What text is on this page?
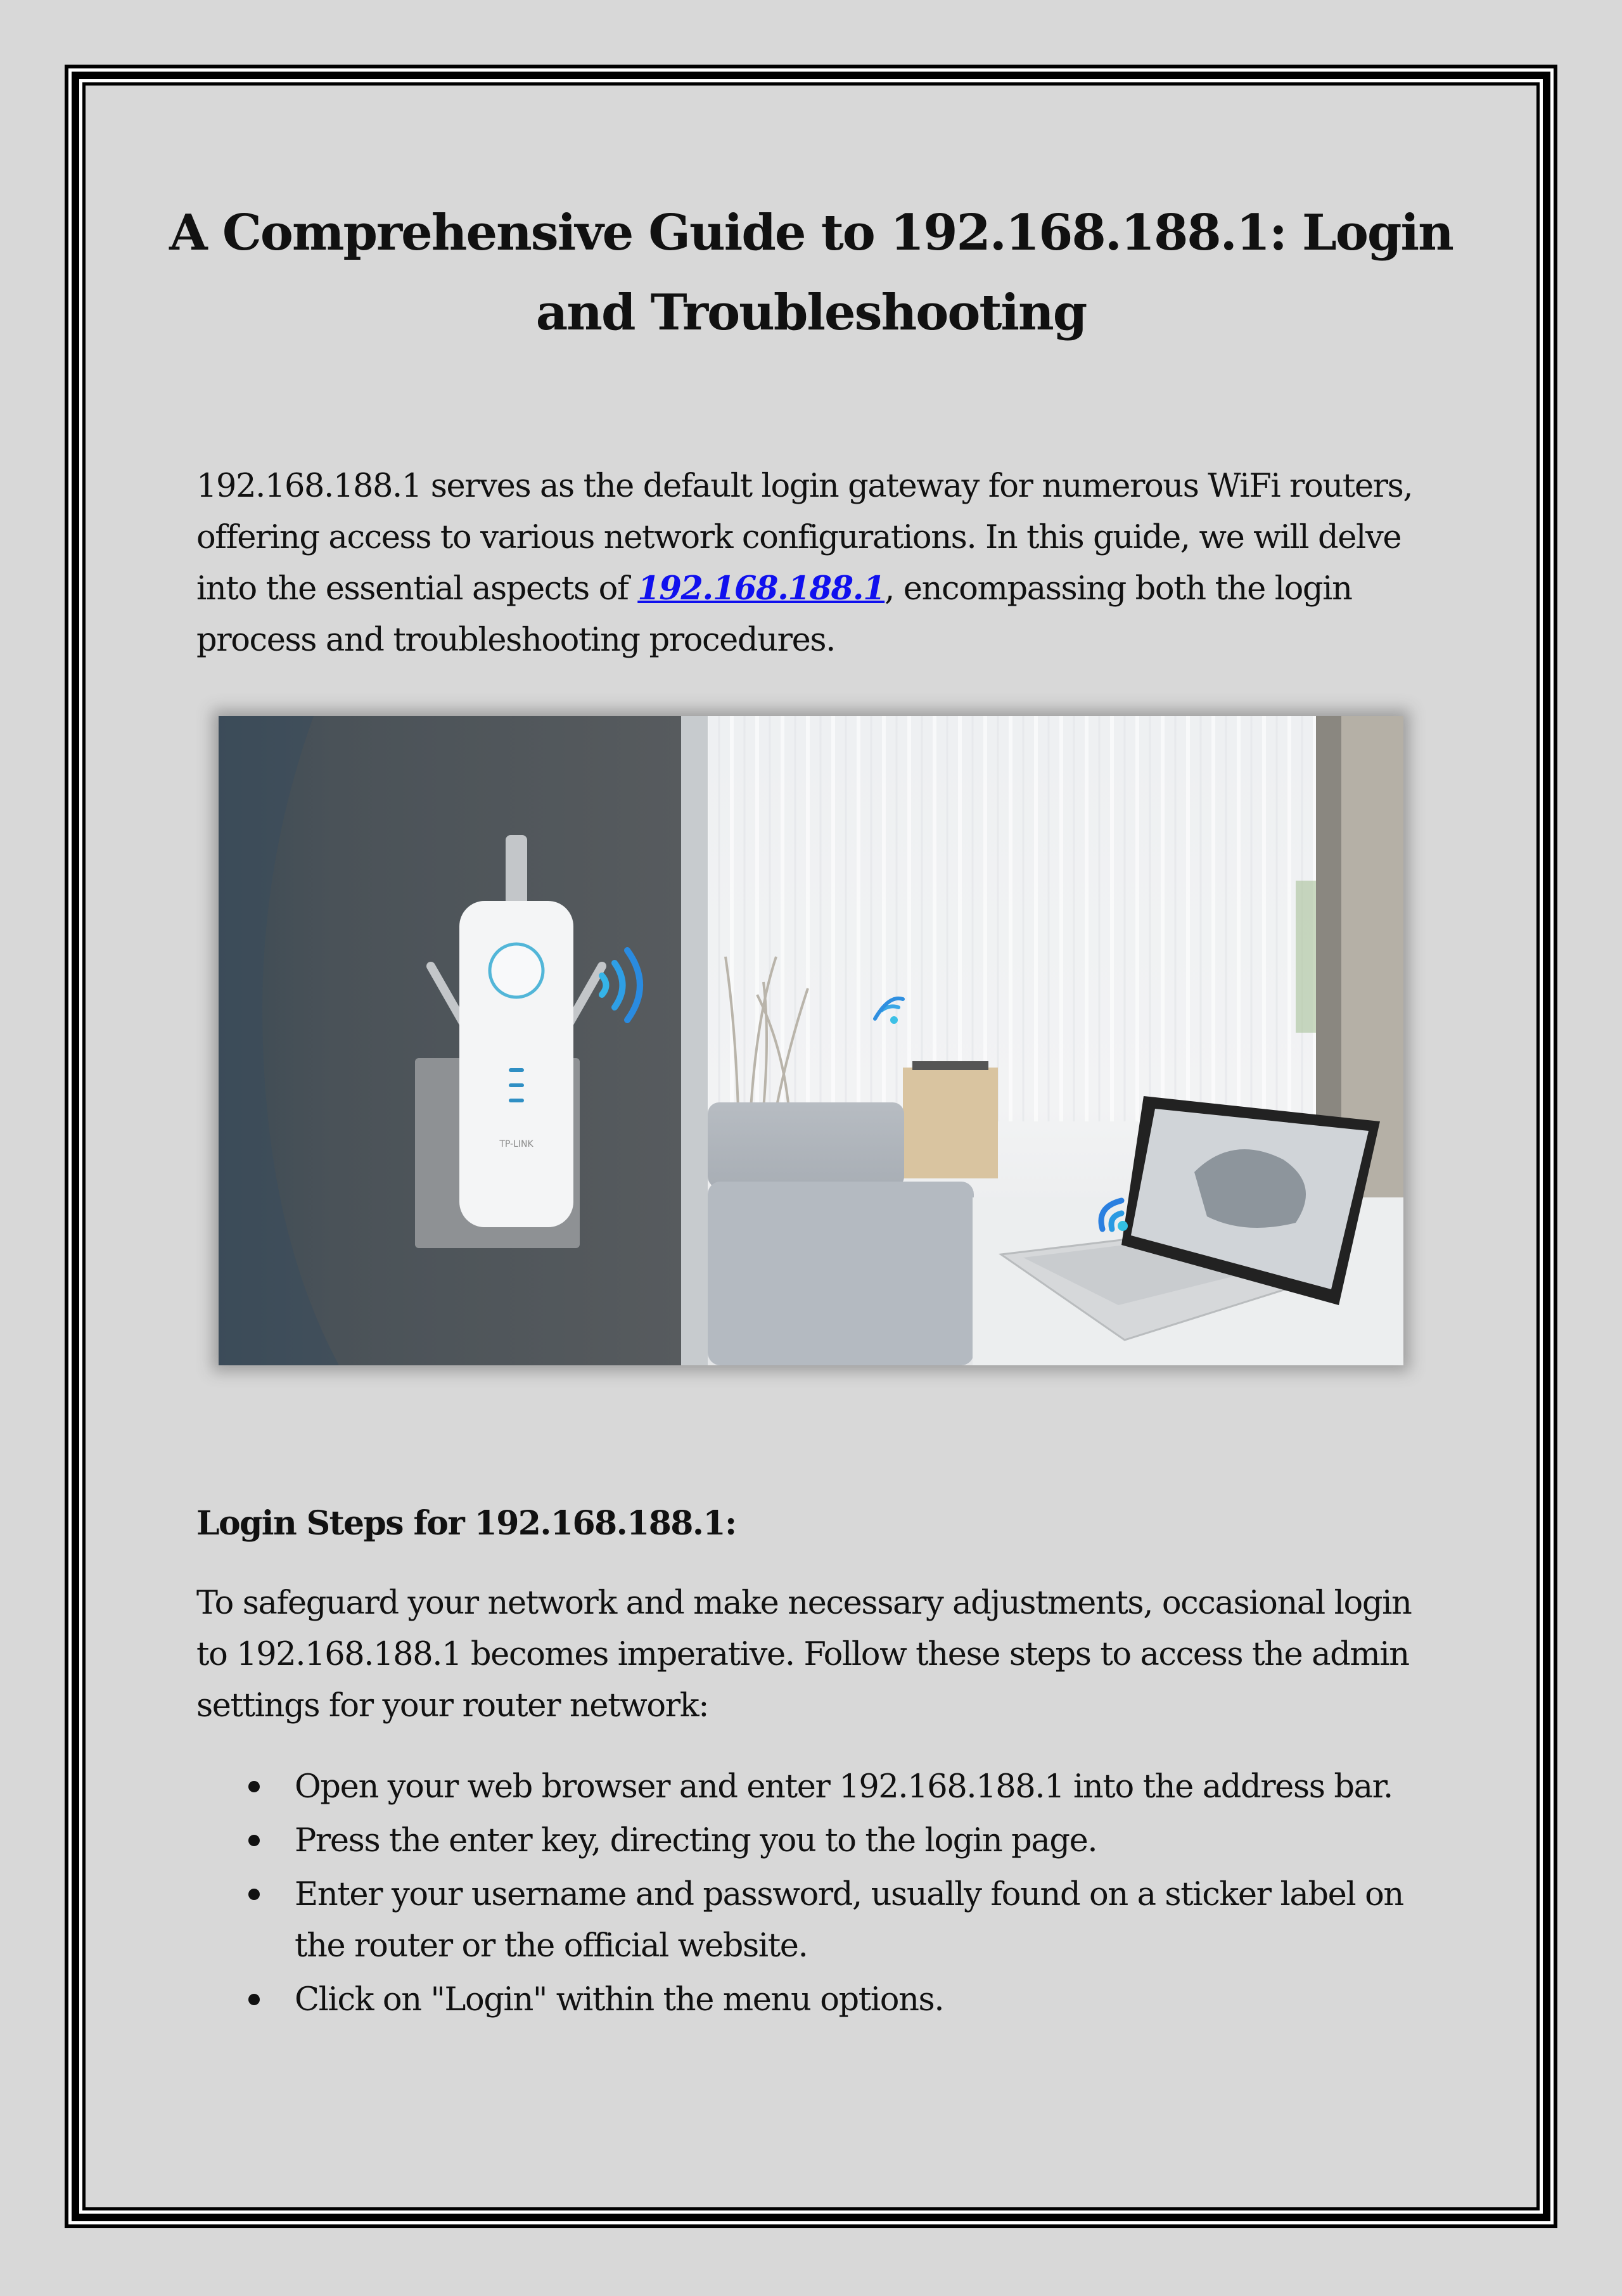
A Comprehensive Guide to 192.168.188.1: Login and Troubleshooting

192.168.188.1 serves as the default login gateway for numerous WiFi routers, offering access to various network configurations. In this guide, we will delve into the essential aspects of 192.168.188.1, encompassing both the login process and troubleshooting procedures.

TP-LINK
Login Steps for 192.168.188.1:

To safeguard your network and make necessary adjustments, occasional login to 192.168.188.1 becomes imperative. Follow these steps to access the admin settings for your router network:

Open your web browser and enter 192.168.188.1 into the address bar.
Press the enter key, directing you to the login page.
Enter your username and password, usually found on a sticker label on the router or the official website.
Click on "Login" within the menu options.
